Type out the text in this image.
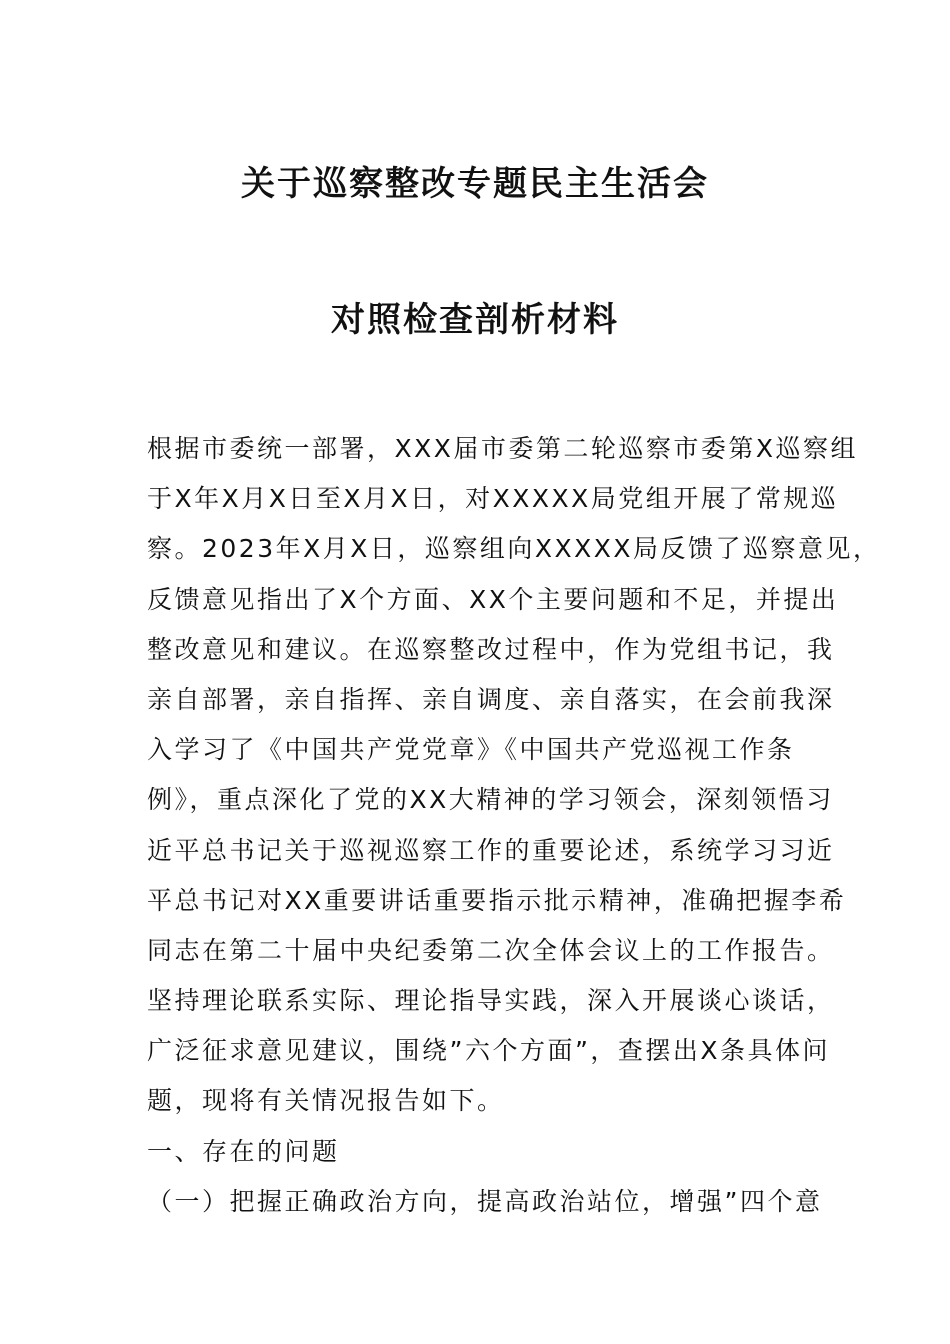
关于巡察整改专题民主生活会
对照检查剖析材料
根据市委统一部署，XXX届市委第二轮巡察市委第X巡察组
于X年X月X日至X月X日，对XXXXX局党组开展了常规巡
察。2023年X月X日，巡察组向XXXXX局反馈了巡察意见，
反馈意见指出了X个方面、XX个主要问题和不足，并提出
整改意见和建议。在巡察整改过程中，作为党组书记，我
亲自部署，亲自指挥、亲自调度、亲自落实，在会前我深
入学习了《中国共产党党章》《中国共产党巡视工作条
例》，重点深化了党的XX大精神的学习领会，深刻领悟习
近平总书记关于巡视巡察工作的重要论述，系统学习习近
平总书记对XX重要讲话重要指示批示精神，准确把握李希
同志在第二十届中央纪委第二次全体会议上的工作报告。
坚持理论联系实际、理论指导实践，深入开展谈心谈话，
广泛征求意见建议，围绕”六个方面”，查摆出X条具体问
题，现将有关情况报告如下。
一、存在的问题
（一）把握正确政治方向，提高政治站位，增强”四个意
